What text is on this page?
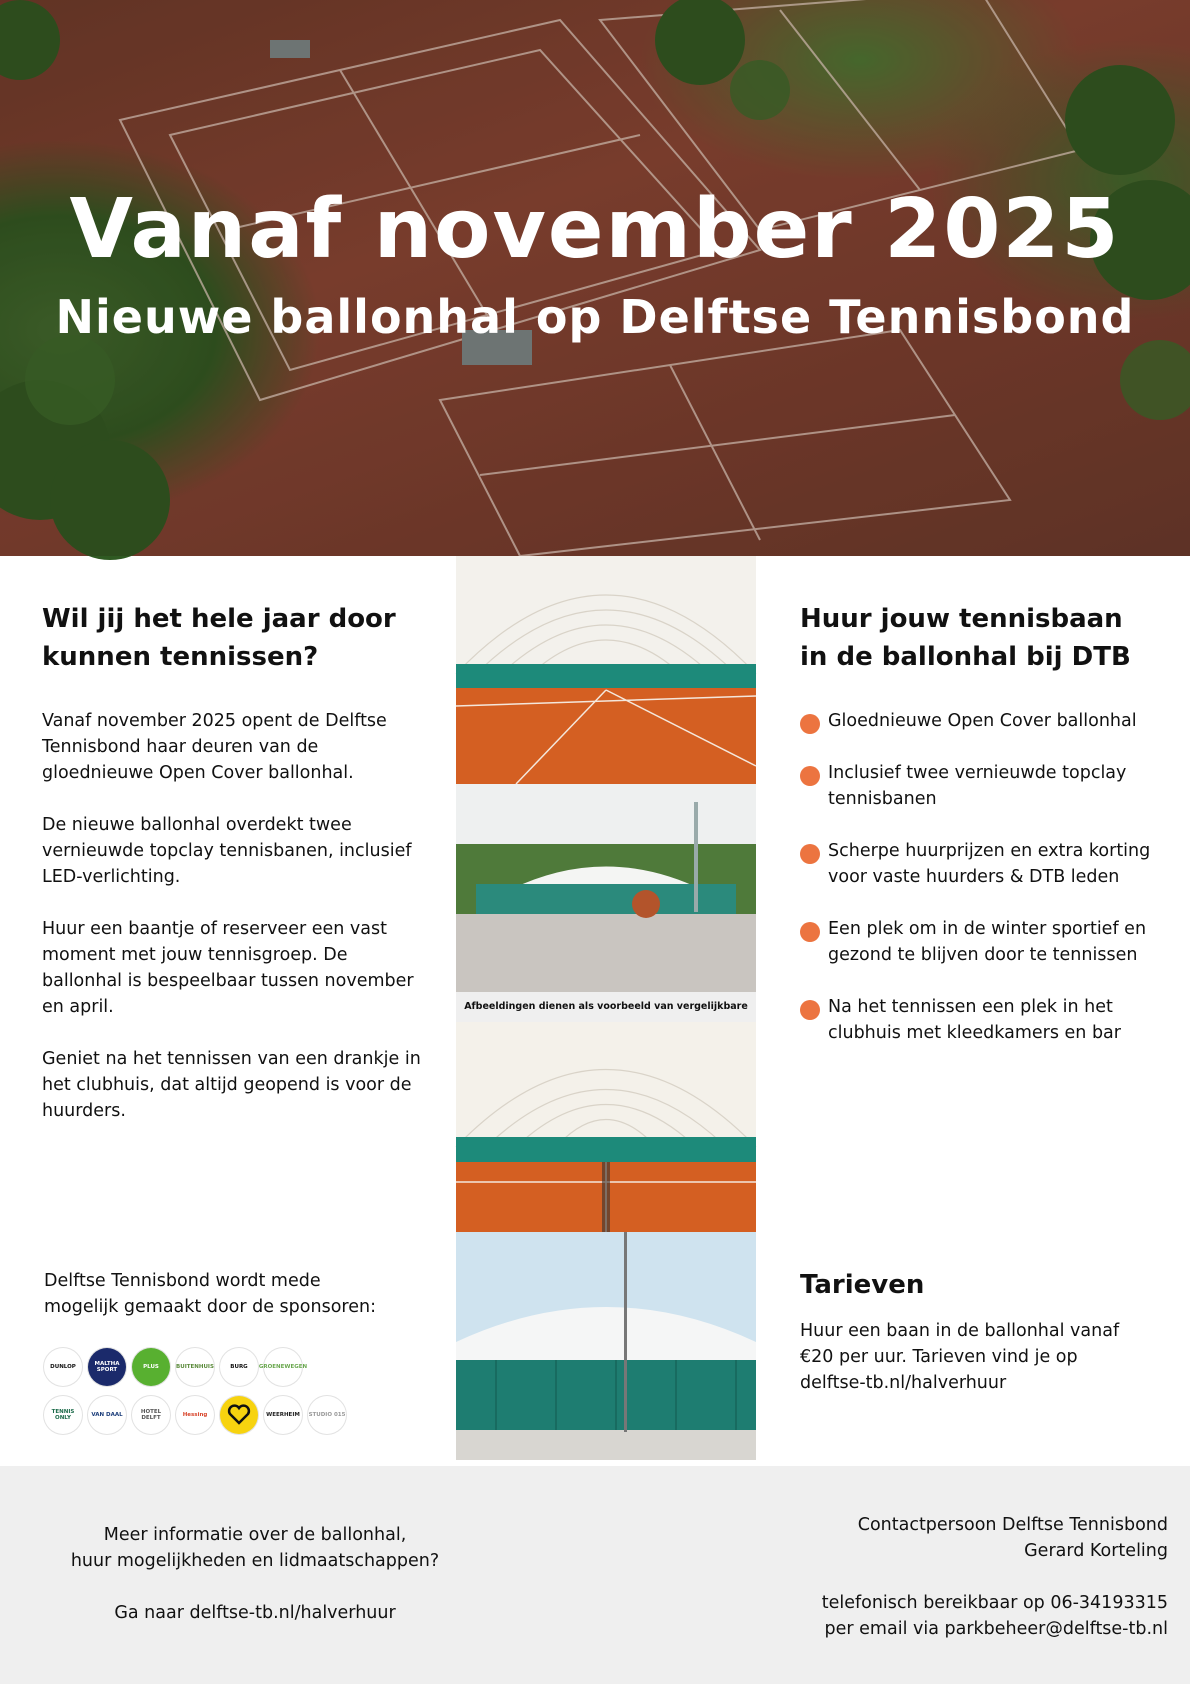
Vanaf november 2025
Nieuwe ballonhal op Delftse Tennisbond
Wil jij het hele jaar door
kunnen tennissen?

Vanaf november 2025 opent de Delftse Tennisbond haar deuren van de gloednieuwe Open Cover ballonhal.

De nieuwe ballonhal overdekt twee vernieuwde topclay tennisbanen, inclusief LED-verlichting.

Huur een baantje of reserveer een vast moment met jouw tennisgroep. De ballonhal is bespeelbaar tussen november en april.

Geniet na het tennissen van een drankje in het clubhuis, dat altijd geopend is voor de huurders.

Afbeeldingen dienen als voorbeeld van vergelijkbare
Huur jouw tennisbaan
in de ballonhal bij DTB
Gloednieuwe Open Cover ballonhal
Inclusief twee vernieuwde topclay tennisbanen
Scherpe huurprijzen en extra korting voor vaste huurders & DTB leden
Een plek om in de winter sportief en gezond te blijven door te tennissen
Na het tennissen een plek in het clubhuis met kleedkamers en bar
Delftse Tennisbond wordt mede
mogelijk gemaakt door de sponsoren:
DUNLOP	MALTHA SPORT	PLUS	BUITENHUIS	BURG	GROENEWEGEN
TENNIS ONLY	VAN DAAL	HOTEL DELFT	Hessing	WEERHEIM	STUDIO 015
Tarieven
Huur een baan in de ballonhal vanaf
€20 per uur. Tarieven vind je op
delftse-tb.nl/halverhuur
Meer informatie over de ballonhal,
huur mogelijkheden en lidmaatschappen?
Ga naar delftse-tb.nl/halverhuur
Contactpersoon Delftse Tennisbond
Gerard Korteling
telefonisch bereikbaar op 06-34193315
per email via parkbeheer@delftse-tb.nl
